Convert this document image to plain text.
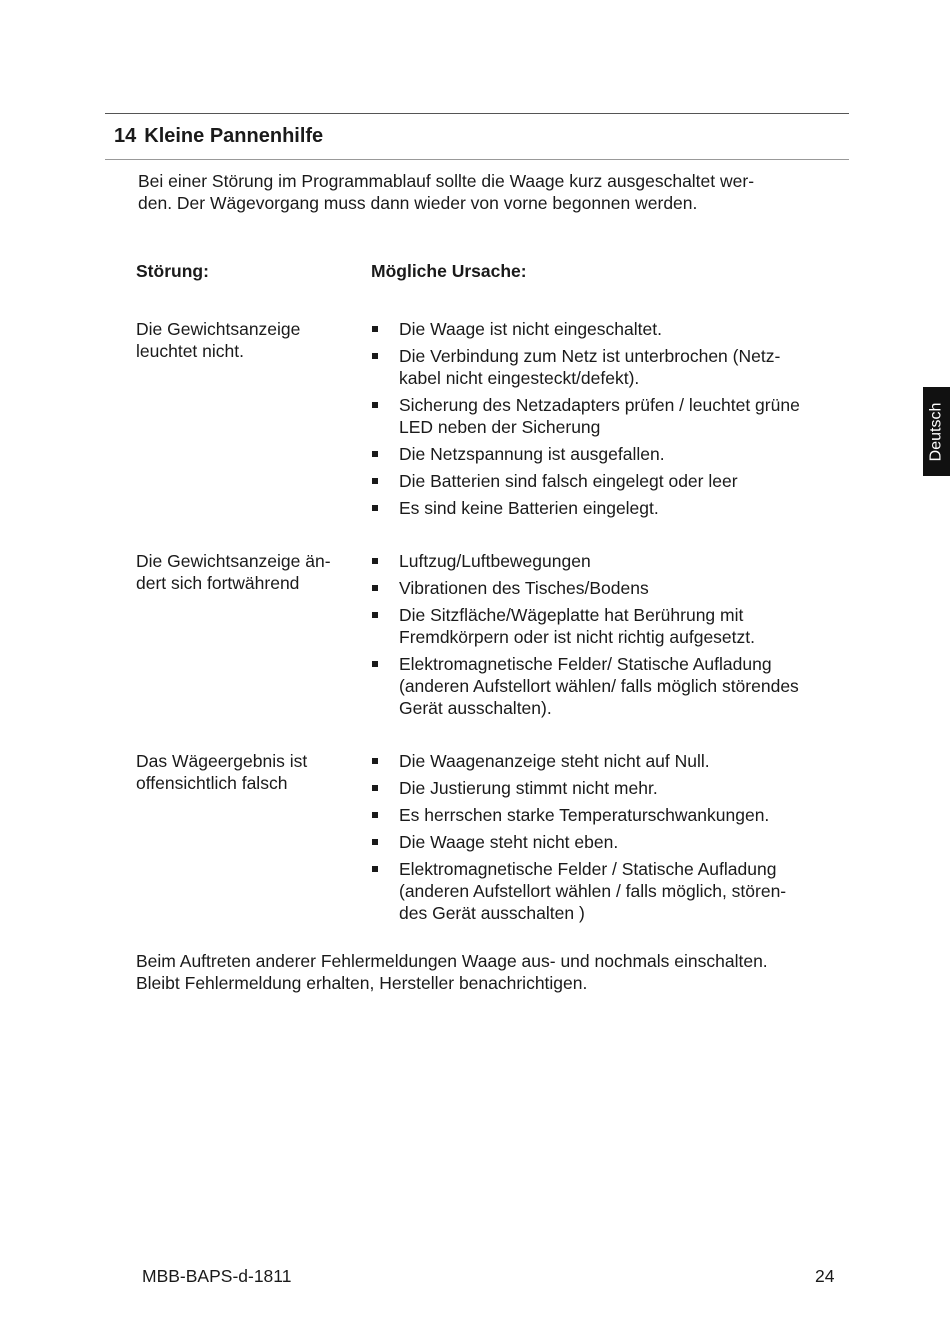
14 Kleine Pannenhilfe
Bei einer Störung im Programmablauf sollte die Waage kurz ausgeschaltet wer-
den. Der Wägevorgang muss dann wieder von vorne begonnen werden.
Störung:	Mögliche Ursache:
Die Gewichtsanzeige
leuchtet nicht.
Die Waage ist nicht eingeschaltet.
Die Verbindung zum Netz ist unterbrochen (Netz-
kabel nicht eingesteckt/defekt).
Sicherung des Netzadapters prüfen / leuchtet grüne
LED neben der Sicherung
Die Netzspannung ist ausgefallen.
Die Batterien sind falsch eingelegt oder leer
Es sind keine Batterien eingelegt.
Die Gewichtsanzeige än-
dert sich fortwährend
Luftzug/Luftbewegungen
Vibrationen des Tisches/Bodens
Die Sitzfläche/Wägeplatte hat Berührung mit
Fremdkörpern oder ist nicht richtig aufgesetzt.
Elektromagnetische Felder/ Statische Aufladung
(anderen Aufstellort wählen/ falls möglich störendes
Gerät ausschalten).
Das Wägeergebnis ist
offensichtlich falsch
Die Waagenanzeige steht nicht auf Null.
Die Justierung stimmt nicht mehr.
Es herrschen starke Temperaturschwankungen.
Die Waage steht nicht eben.
Elektromagnetische Felder / Statische Aufladung
(anderen Aufstellort wählen / falls möglich, stören-
des Gerät ausschalten )
Beim Auftreten anderer Fehlermeldungen Waage aus- und nochmals einschalten.
Bleibt Fehlermeldung erhalten, Hersteller benachrichtigen.
Deutsch
MBB-BAPS-d-1811	24
